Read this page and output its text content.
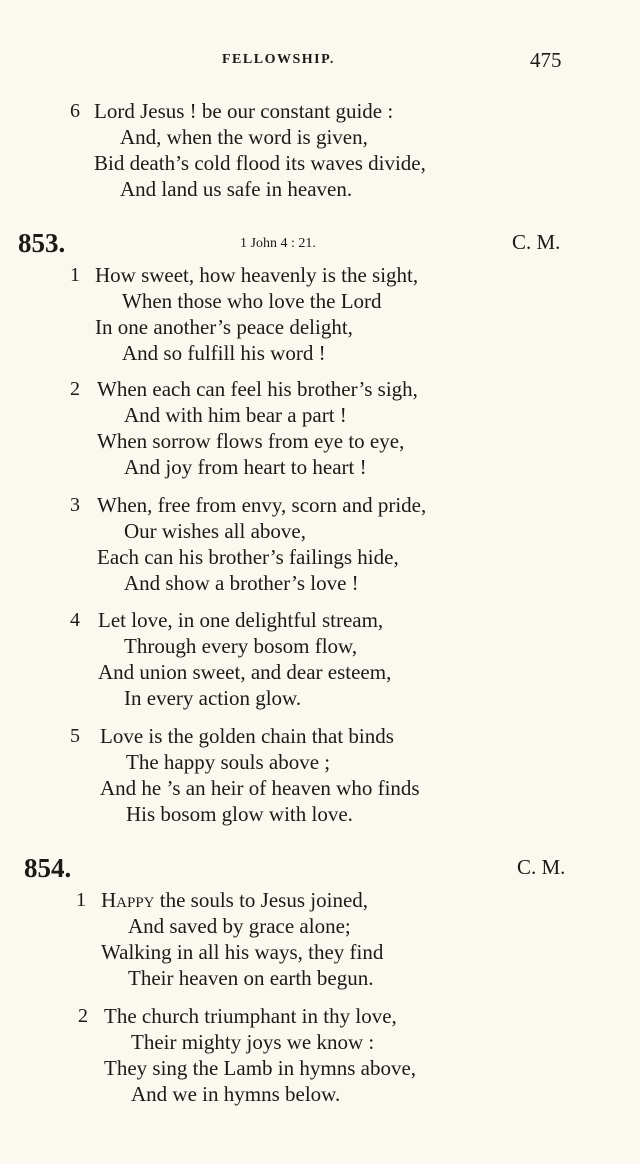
FELLOWSHIP.	475
6 Lord Jesus ! be our constant guide :
And, when the word is given,
Bid death’s cold flood its waves divide,
And land us safe in heaven.
853.	1 John 4 : 21.	C. M.
1 How sweet, how heavenly is the sight,
When those who love the Lord
In one another’s peace delight,
And so fulfill his word !
2 When each can feel his brother’s sigh,
And with him bear a part !
When sorrow flows from eye to eye,
And joy from heart to heart !
3 When, free from envy, scorn and pride,
Our wishes all above,
Each can his brother’s failings hide,
And show a brother’s love !
4 Let love, in one delightful stream,
Through every bosom flow,
And union sweet, and dear esteem,
In every action glow.
5 Love is the golden chain that binds
The happy souls above ;
And he ’s an heir of heaven who finds
His bosom glow with love.
854.	C. M.
1 Happy the souls to Jesus joined,
And saved by grace alone;
Walking in all his ways, they find
Their heaven on earth begun.
2 The church triumphant in thy love,
Their mighty joys we know :
They sing the Lamb in hymns above,
And we in hymns below.
